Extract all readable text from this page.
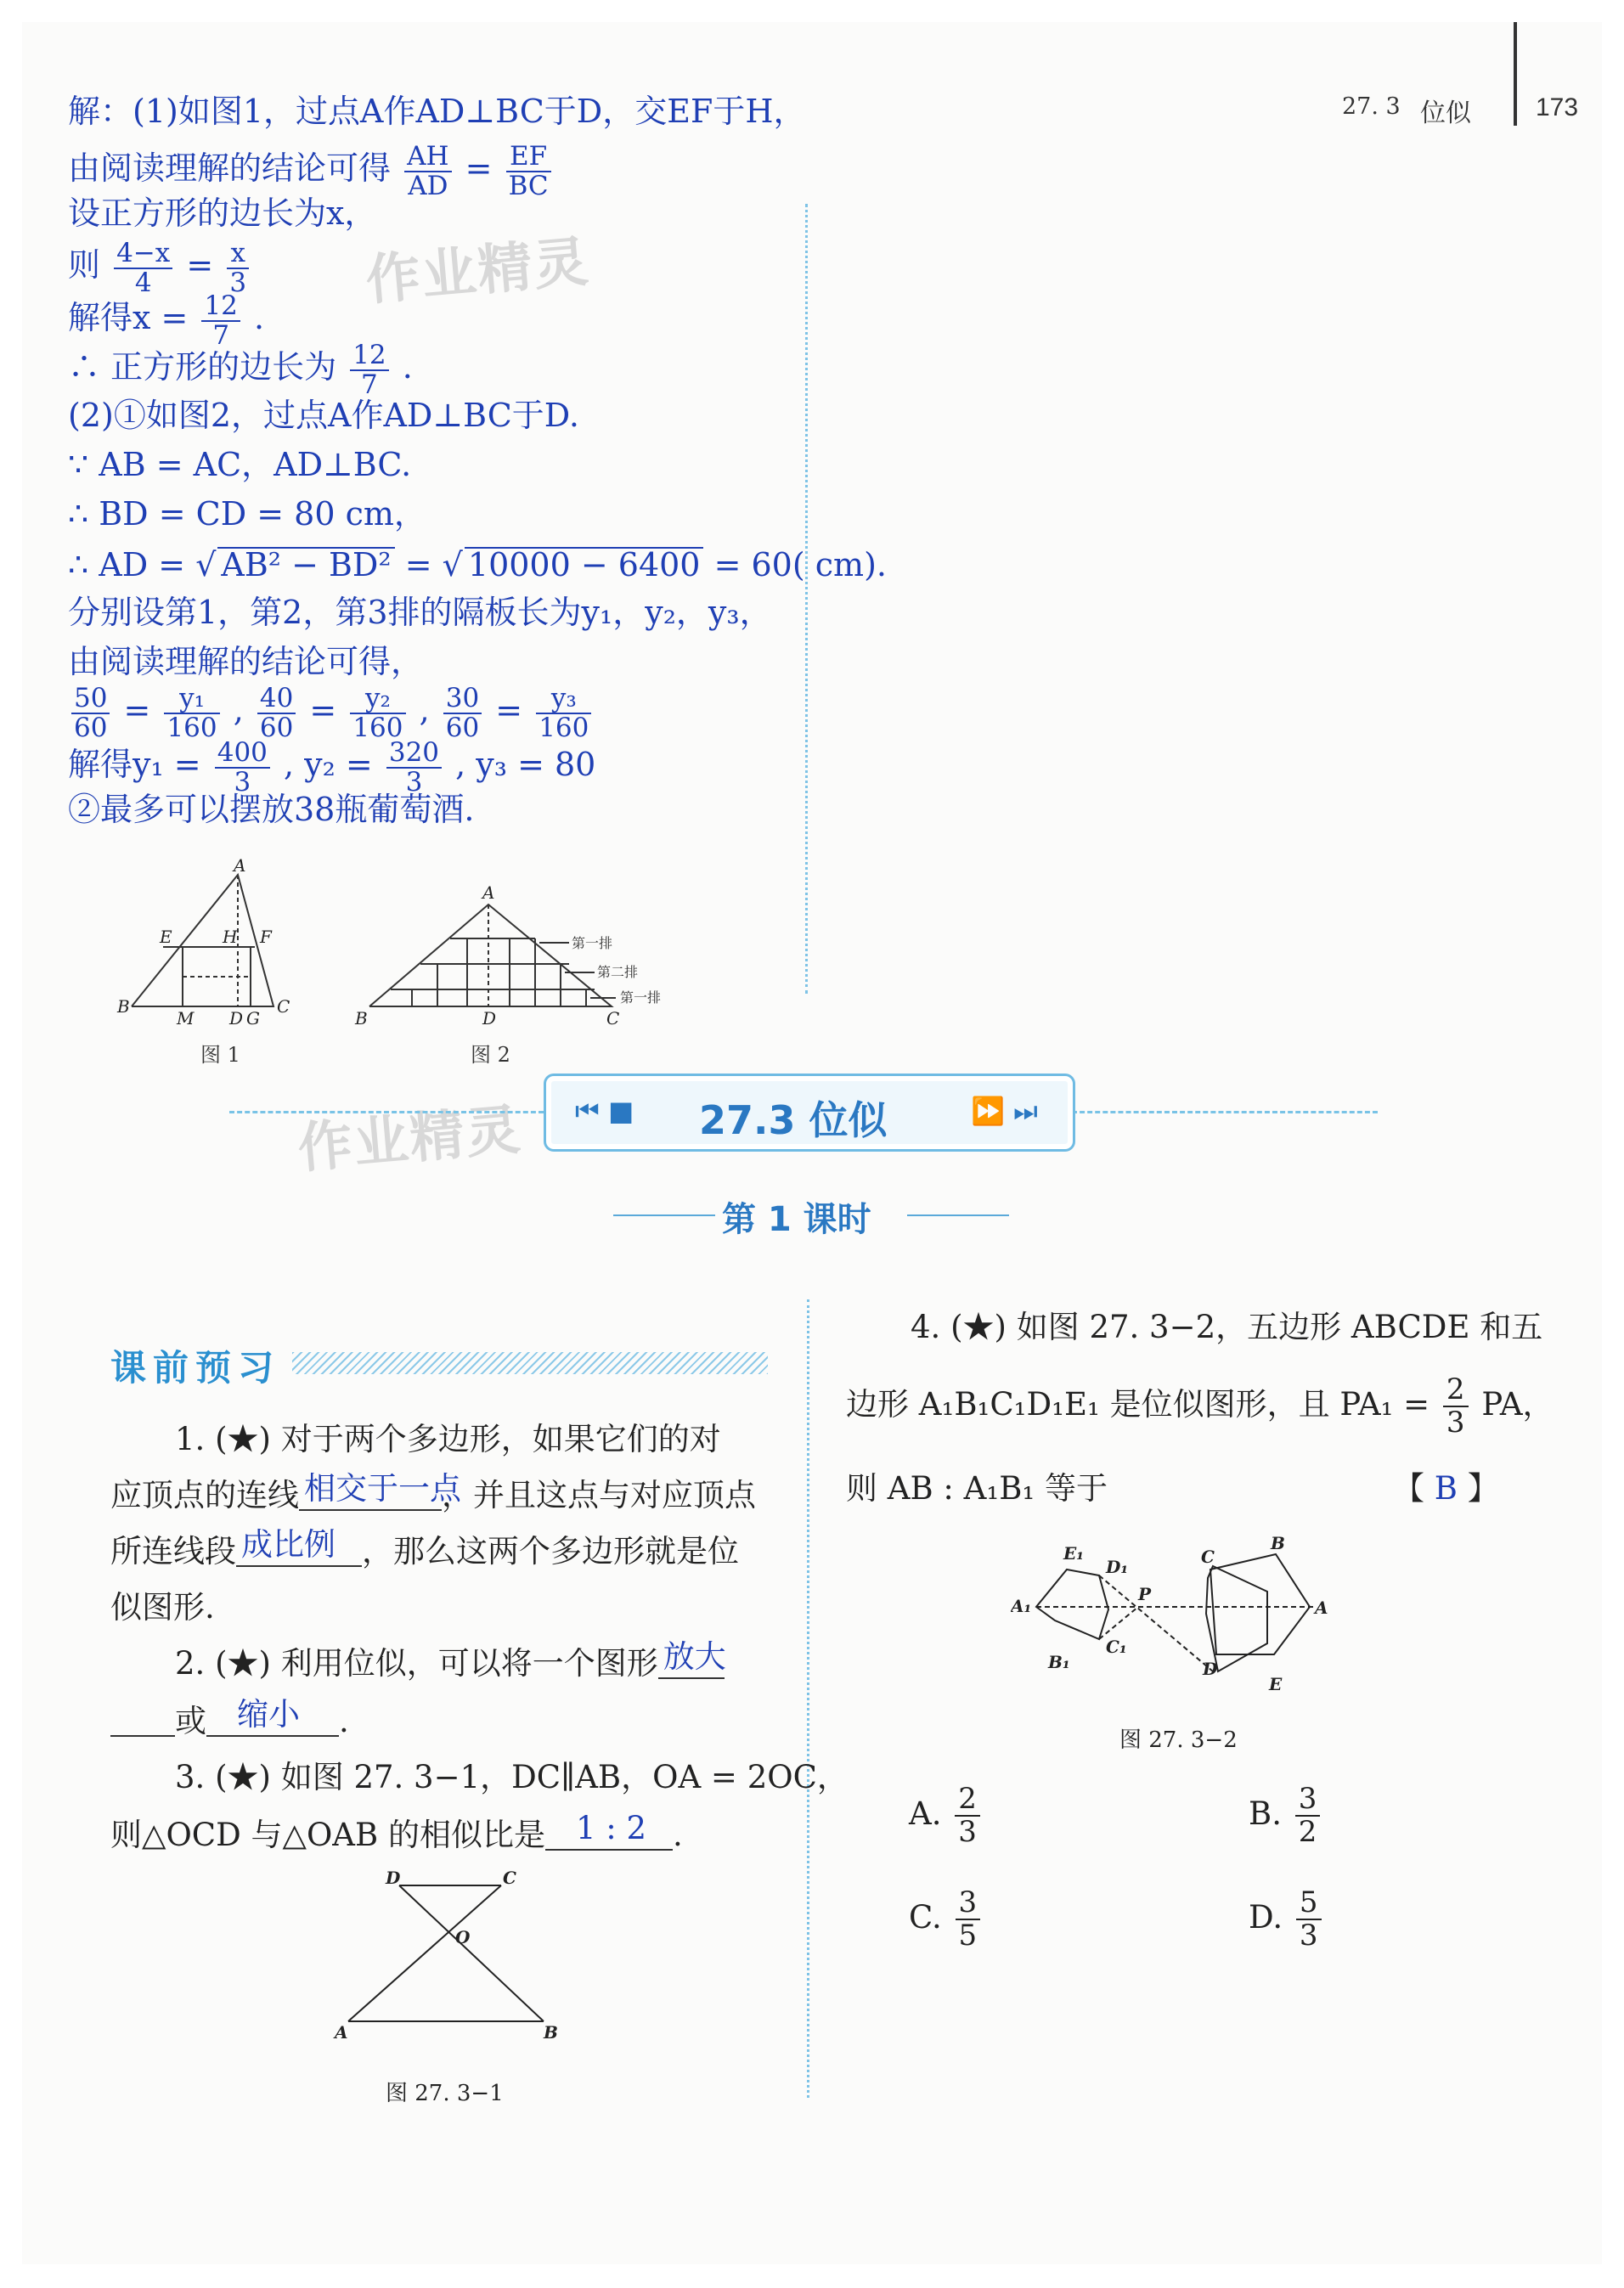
27. 3 位似	173
解：(1)如图1，过点A作AD⊥BC于D，交EF于H，
由阅读理解的结论可得 $\frac{AH}{AD} = \frac{EF}{BC}$
设正方形的边长为x，
则 $\frac{4-x}{4} = \frac{x}{3}$
解得$x = \frac{12}{7}$ .
∴ 正方形的边长为 $\frac{12}{7}$ .
(2)①如图2，过点A作AD⊥BC于D.
∵ AB = AC，AD⊥BC.
∴ BD = CD = 80 cm，
∴ AD = √ AB² − BD² = √ 10000 − 6400 = 60( cm).
分别设第1，第2，第3排的隔板长为y₁，y₂，y₃，
由阅读理解的结论可得，
$\frac{50}{60} = \frac{\text{y₁}}{160}$ , $\frac{40}{60} = \frac{\text{y₂}}{160}$ , $\frac{30}{60} = \frac{\text{y₃}}{160}$
解得$y_1 = \frac{400}{3}$ , $y_2 = \frac{320}{3}$ , y₃ = 80
②最多可以摆放38瓶葡萄酒.
作业精灵
作业精灵
A
E	H F
B
M D G
C
A
B	D	C
第一排
第二排
第一排
图 1	图 2
⏮ ■ 27.3 位似	⏩ ⏭
第 1 课时
课前预习
1. (★) 对于两个多边形，如果它们的对
应顶点的连线 相交于一点
，并且这点与对应顶点
所连线段 成比例 ，那么这两个多边形就是位
似图形.
2. (★) 利用位似，可以将一个图形 放大
或 缩小 .
3. (★) 如图 27. 3−1，DC∥AB，OA = 2OC，
则△OCD 与△OAB 的相似比是 1 : 2 .
D	C
O
A	B
图 27. 3−1
4. (★) 如图 27. 3−2，五边形 ABCDE 和五
边形 A₁B₁C₁D₁E₁ 是位似图形，且 $PA_1 = \frac{2}{3}$ PA，
则 AB : A₁B₁ 等于	【 B 】
E₁
D₁
A₁
P
B₁
C₁
C
B
A
D
E
图 27. 3−2
A. $\frac{2}{3}$	B. $\frac{3}{2}$
C. $\frac{3}{5}$	D. $\frac{5}{3}$
